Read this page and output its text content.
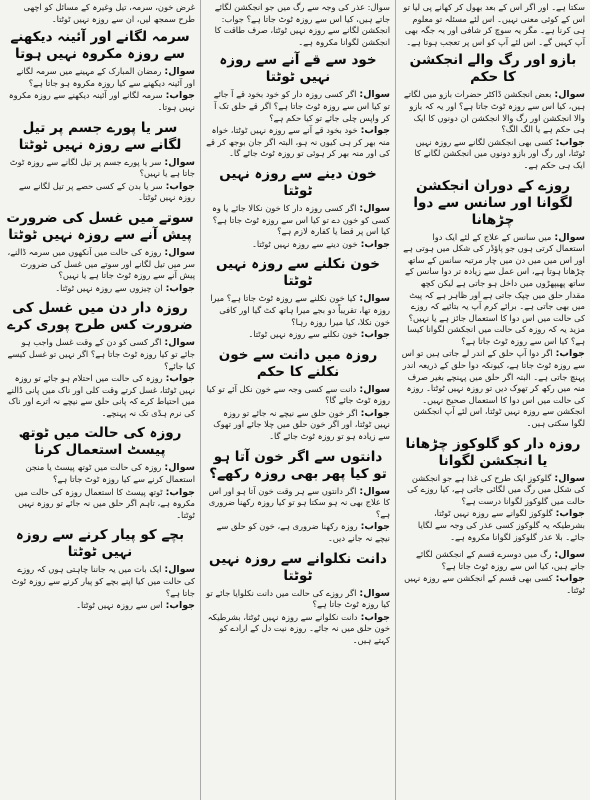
سکتا ہے۔ اور اگر اس کے بعد بھول کر کھانے پی لیا تو اس کے کوئی معنی نہیں۔ اس لئے مسئلہ تو معلوم ہی کرنا ہے۔ مگر یہ سوچ کر شافی اور یہ جگہ بھی آپ کہیں گے۔ اس لئے آپ کو اس پر تعجب ہوتا ہے۔
بازو اور رگ والے انجکشن کا حکم

سوال:بعض انجکشن ڈاکٹر حضرات بازو میں لگاتے ہیں، کیا اس سے روزہ ٹوٹ جاتا ہے؟ اور یہ کہ بازو والا انجکشن اور رگ والا انجکشن ان دونوں کا ایک ہی حکم ہے یا الگ الگ؟

جواب:کسی بھی انجکشن لگانے سے روزہ نہیں ٹوٹتا، اور رگ اور بازو دونوں میں انجکشن لگانے کا ایک ہی حکم ہے۔

روزے کے دوران انجکشن لگوانا اور سانس سے دوا چڑھانا

سوال:میں سانس کے علاج کے لئے ایک دوا استعمال کرتی ہوں جو پاؤڈر کی شکل میں ہوتی ہے اور اس میں میں دن میں چار مرتبہ سانس کے ساتھ چڑھانا ہوتا ہے، اس عمل سے زیادہ تر دوا سانس کے ساتھ پھیپھڑوں میں داخل ہو جاتی ہے لیکن کچھ مقدار حلق میں چپک جاتی ہے اور ظاہر ہے کہ پیٹ میں بھی جاتی ہے۔ برائے کرم آپ یہ بتائیے کہ روزے کی حالت میں اس دوا کا استعمال جائز ہے یا نہیں؟ مزید یہ کہ روزہ کی حالت میں انجکشن لگوانا کیسا ہے؟ کیا اس سے روزہ ٹوٹ جاتا ہے؟

جواب:اگر دوا آپ حلق کے اندر لے جاتی ہیں تو اس سے روزہ ٹوٹ جاتا ہے، کیونکہ دوا حلق کے ذریعہ اندر پہنچ جاتی ہے۔ البتہ اگر حلق میں پہنچے بغیر صرف منہ میں رکھ کر تھوک دیں تو روزہ نہیں ٹوٹتا۔ روزہ کی حالت میں اس دوا کا استعمال صحیح نہیں۔ انجکشن سے روزہ نہیں ٹوٹتا، اس لئے آپ انجکشن لگوا سکتی ہیں۔

روزہ دار کو گلوکوز چڑھانا یا انجکشن لگوانا

سوال:گلوکوز ایک طرح کی غذا ہے جو انجکشن کی شکل میں رگ میں لگائی جاتی ہے، کیا روزے کی حالت میں گلوکوز لگوانا درست ہے؟

جواب:گلوکوز لگوانے سے روزہ نہیں ٹوٹتا، بشرطیکہ یہ گلوکوز کسی عذر کی وجہ سے لگایا جائے۔ بلا عذر گلوکوز لگوانا مکروہ ہے۔

سوال:رگ میں دوسرے قسم کے انجکشن لگائے جاتے ہیں، کیا اس سے روزہ ٹوٹ جاتا ہے؟

جواب:کسی بھی قسم کے انجکشن سے روزہ نہیں ٹوٹتا۔

سوال: عذر کی وجہ سے رگ میں جو انجکشن لگائے جاتے ہیں، کیا اس سے روزہ ٹوٹ جاتا ہے؟ جواب: انجکشن لگانے سے روزہ نہیں ٹوٹتا، صرف طاقت کا انجکشن لگوانا مکروہ ہے۔
خود سے قے آنے سے روزہ نہیں ٹوٹتا

سوال:اگر کسی روزہ دار کو خود بخود قے آ جائے تو کیا اس سے روزہ ٹوٹ جاتا ہے؟ اگر قے حلق تک آ کر واپس چلی جائے تو کیا حکم ہے؟

جواب:خود بخود قے آنے سے روزہ نہیں ٹوٹتا، خواہ منہ بھر کر ہی کیوں نہ ہو، البتہ اگر جان بوجھ کر قے کی اور منہ بھر کر ہوئی تو روزہ ٹوٹ جائے گا۔

خون دینے سے روزہ نہیں ٹوٹتا

سوال:اگر کسی روزہ دار کا خون نکالا جائے یا وہ کسی کو خون دے تو کیا اس سے روزہ ٹوٹ جاتا ہے؟ کیا اس پر قضا یا کفارہ لازم ہے؟

جواب:خون دینے سے روزہ نہیں ٹوٹتا۔

خون نکلنے سے روزہ نہیں ٹوٹتا

سوال:کیا خون نکلنے سے روزہ ٹوٹ جاتا ہے؟ میرا روزہ تھا، تقریباً دو بجے میرا ہاتھ کٹ گیا اور کافی خون نکلا، کیا میرا روزہ رہا؟

جواب:خون نکلنے سے روزہ نہیں ٹوٹتا۔

روزہ میں دانت سے خون نکلنے کا حکم

سوال:دانت سے کسی وجہ سے خون نکل آئے تو کیا روزہ ٹوٹ جائے گا؟

جواب:اگر خون حلق سے نیچے نہ جائے تو روزہ نہیں ٹوٹتا، اور اگر خون حلق میں چلا جائے اور تھوک سے زیادہ ہو تو روزہ ٹوٹ جائے گا۔

دانتوں سے اگر خون آتا ہو تو کیا پھر بھی روزہ رکھے؟

سوال:اگر دانتوں سے ہر وقت خون آتا ہو اور اس کا علاج بھی نہ ہو سکتا ہو تو کیا روزہ رکھنا ضروری ہے؟

جواب:روزہ رکھنا ضروری ہے، خون کو حلق سے نیچے نہ جانے دیں۔

دانت نکلوانے سے روزہ نہیں ٹوٹتا

سوال:اگر روزے کی حالت میں دانت نکلوایا جائے تو کیا روزہ ٹوٹ جاتا ہے؟

جواب:دانت نکلوانے سے روزہ نہیں ٹوٹتا، بشرطیکہ خون حلق میں نہ جائے۔ روزہ نیت دل کے ارادے کو کہتے ہیں۔

غرض خون، سرمہ، تیل وغیرہ کے مسائل کو اچھی طرح سمجھ لیں، ان سے روزہ نہیں ٹوٹتا۔
سرمہ لگانے اور آئینہ دیکھنے سے روزہ مکروہ نہیں ہوتا

سوال:رمضان المبارک کے مہینے میں سرمہ لگانے اور آئینہ دیکھنے سے کیا روزہ مکروہ ہو جاتا ہے؟

جواب:سرمہ لگانے اور آئینہ دیکھنے سے روزہ مکروہ نہیں ہوتا۔

سر یا پورے جسم پر تیل لگانے سے روزہ نہیں ٹوٹتا

سوال:سر یا پورے جسم پر تیل لگانے سے روزہ ٹوٹ جاتا ہے یا نہیں؟

جواب:سر یا بدن کے کسی حصے پر تیل لگانے سے روزہ نہیں ٹوٹتا۔

سوتے میں غسل کی ضرورت پیش آنے سے روزہ نہیں ٹوٹتا

سوال:روزہ کی حالت میں آنکھوں میں سرمہ ڈالنے، سر میں تیل لگانے اور سوتے میں غسل کی ضرورت پیش آنے سے روزہ ٹوٹ جاتا ہے یا نہیں؟

جواب:ان چیزوں سے روزہ نہیں ٹوٹتا۔

روزہ دار دن میں غسل کی ضرورت کس طرح پوری کرے

سوال:اگر کسی کو دن کے وقت غسل واجب ہو جائے تو کیا روزہ ٹوٹ جاتا ہے؟ اگر نہیں تو غسل کیسے کیا جائے؟

جواب:روزہ کی حالت میں احتلام ہو جائے تو روزہ نہیں ٹوٹتا، غسل کرتے وقت کلی اور ناک میں پانی ڈالنے میں احتیاط کرے کہ پانی حلق سے نیچے نہ اترے اور ناک کی نرم ہڈی تک نہ پہنچے۔

روزہ کی حالت میں ٹوتھ پیسٹ استعمال کرنا

سوال:روزہ کی حالت میں ٹوتھ پیسٹ یا منجن استعمال کرنے سے کیا روزہ ٹوٹ جاتا ہے؟

جواب:ٹوتھ پیسٹ کا استعمال روزہ کی حالت میں مکروہ ہے، تاہم اگر حلق میں نہ جائے تو روزہ نہیں ٹوٹتا۔

بچے کو پیار کرنے سے روزہ نہیں ٹوٹتا

سوال:ایک بات میں یہ جاننا چاہتی ہوں کہ روزے کی حالت میں کیا اپنے بچے کو پیار کرنے سے روزہ ٹوٹ جاتا ہے؟

جواب:اس سے روزہ نہیں ٹوٹتا۔
